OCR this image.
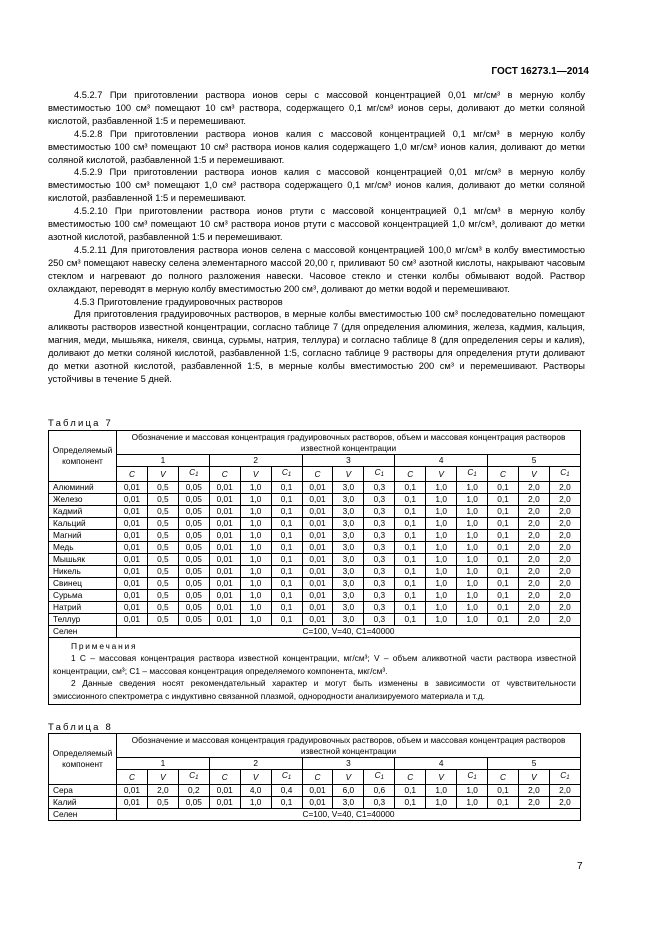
ГОСТ 16273.1—2014

4.5.2.7 При приготовлении раствора ионов серы с массовой концентрацией 0,01 мг/см³ в мерную колбу вместимостью 100 см³ помещают 10 см³ раствора, содержащего 0,1 мг/см³ ионов серы, доливают до метки соляной кислотой, разбавленной 1:5 и перемешивают.

4.5.2.8 При приготовлении раствора ионов калия с массовой концентрацией 0,1 мг/см³ в мерную колбу вместимостью 100 см³ помещают 10 см³ раствора ионов калия содержащего 1,0 мг/см³ ионов калия, доливают до метки соляной кислотой, разбавленной 1:5 и перемешивают.

4.5.2.9 При приготовлении раствора ионов калия с массовой концентрацией 0,01 мг/см³ в мерную колбу вместимостью 100 см³ помещают 1,0 см³ раствора содержащего 0,1 мг/см³ ионов калия, доливают до метки соляной кислотой, разбавленной 1:5 и перемешивают.

4.5.2.10 При приготовлении раствора ионов ртути с массовой концентрацией 0,1 мг/см³ в мерную колбу вместимостью 100 см³ помещают 10 см³ раствора ионов ртути с массовой концентрацией 1,0 мг/см³, доливают до метки азотной кислотой, разбавленной 1:5 и перемешивают.

4.5.2.11 Для приготовления раствора ионов селена с массовой концентрацией 100,0 мг/см³ в колбу вместимостью 250 см³ помещают навеску селена элементарного массой 20,00 г, приливают 50 см³ азотной кислоты, накрывают часовым стеклом и нагревают до полного разложения навески. Часовое стекло и стенки колбы обмывают водой. Раствор охлаждают, переводят в мерную колбу вместимостью 200 см³, доливают до метки водой и перемешивают.

4.5.3 Приготовление градуировочных растворов

Для приготовления градуировочных растворов, в мерные колбы вместимостью 100 см³ последовательно помещают аликвоты растворов известной концентрации, согласно таблице 7 (для определения алюминия, железа, кадмия, кальция, магния, меди, мышьяка, никеля, свинца, сурьмы, натрия, теллура) и согласно таблице 8 (для определения серы и калия), доливают до метки соляной кислотой, разбавленной 1:5, согласно таблице 9 растворы для определения ртути доливают до метки азотной кислотой, разбавленной 1:5, в мерные колбы вместимостью 200 см³ и перемешивают. Растворы устойчивы в течение 5 дней.

Таблица 7
Определяемый компонент	Обозначение и массовая концентрация градуировочных растворов, объем и массовая концентрация растворов известной концентрации														
	1			2			3			4			5		
	C	V	C1	C	V	C1	C	V	C1	C	V	C1	C	V	C1
Алюминий	0,01	0,5	0,05	0,01	1,0	0,1	0,01	3,0	0,3	0,1	1,0	1,0	0,1	2,0	2,0
Железо	0,01	0,5	0,05	0,01	1,0	0,1	0,01	3,0	0,3	0,1	1,0	1,0	0,1	2,0	2,0
Кадмий	0,01	0,5	0,05	0,01	1,0	0,1	0,01	3,0	0,3	0,1	1,0	1,0	0,1	2,0	2,0
Кальций	0,01	0,5	0,05	0,01	1,0	0,1	0,01	3,0	0,3	0,1	1,0	1,0	0,1	2,0	2,0
Магний	0,01	0,5	0,05	0,01	1,0	0,1	0,01	3,0	0,3	0,1	1,0	1,0	0,1	2,0	2,0
Медь	0,01	0,5	0,05	0,01	1,0	0,1	0,01	3,0	0,3	0,1	1,0	1,0	0,1	2,0	2,0
Мышьяк	0,01	0,5	0,05	0,01	1,0	0,1	0,01	3,0	0,3	0,1	1,0	1,0	0,1	2,0	2,0
Никель	0,01	0,5	0,05	0,01	1,0	0,1	0,01	3,0	0,3	0,1	1,0	1,0	0,1	2,0	2,0
Свинец	0,01	0,5	0,05	0,01	1,0	0,1	0,01	3,0	0,3	0,1	1,0	1,0	0,1	2,0	2,0
Сурьма	0,01	0,5	0,05	0,01	1,0	0,1	0,01	3,0	0,3	0,1	1,0	1,0	0,1	2,0	2,0
Натрий	0,01	0,5	0,05	0,01	1,0	0,1	0,01	3,0	0,3	0,1	1,0	1,0	0,1	2,0	2,0
Теллур	0,01	0,5	0,05	0,01	1,0	0,1	0,01	3,0	0,3	0,1	1,0	1,0	0,1	2,0	2,0
Селен	C=100, V=40, C1=40000														

Примечания
1 С – массовая концентрация раствора известной концентрации, мг/см³; V – объем аликвотной части раствора известной концентрации, см³; С1 – массовая концентрация определяемого компонента, мкг/см³.
2 Данные сведения носят рекомендательный характер и могут быть изменены в зависимости от чувствительности эмиссионного спектрометра с индуктивно связанной плазмой, однородности анализируемого материала и т.д.															
Таблица 8
Определяемый компонент	Обозначение и массовая концентрация градуировочных растворов, объем и массовая концентрация растворов известной концентрации														
	1			2			3			4			5		
	C	V	C1	C	V	C1	C	V	C1	C	V	C1	C	V	C1
Сера	0,01	2,0	0,2	0,01	4,0	0,4	0,01	6,0	0,6	0,1	1,0	1,0	0,1	2,0	2,0
Калий	0,01	0,5	0,05	0,01	1,0	0,1	0,01	3,0	0,3	0,1	1,0	1,0	0,1	2,0	2,0
Селен	C=100, V=40, C1=40000														
7
